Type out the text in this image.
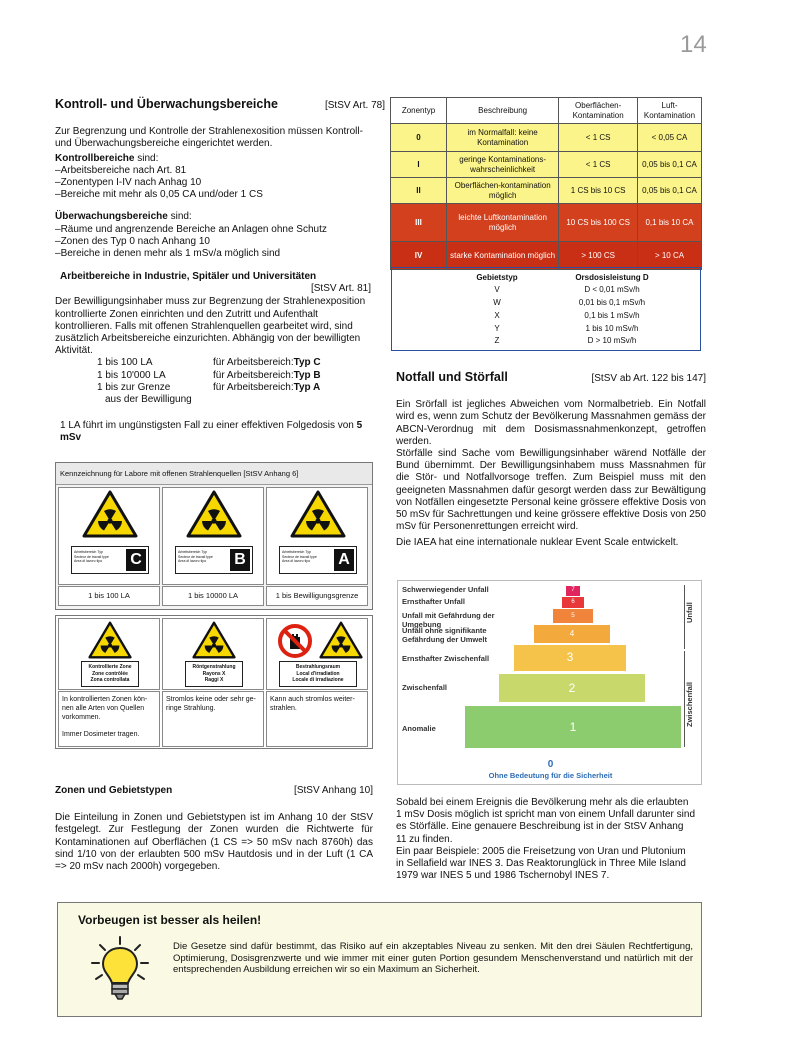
14
Kontroll- und Überwachungsbereiche	[StSV Art. 78]

Zur Begrenzung und Kontrolle der Strahlenexosition müssen Kontroll- und Überwachungsbereiche eingerichtet werden.

Kontrollbereiche sind:

–Arbeitsbereiche nach Art. 81
–Zonentypen I-IV nach Anhag 10
–Bereiche mit mehr als 0,05 CA und/oder 1 CS

Überwachungsbereiche sind:

–Räume und angrenzende Bereiche an Anlagen ohne Schutz
–Zonen des Typ 0 nach Anhang 10
–Bereiche in denen mehr als 1 mSv/a möglich sind
Arbeitbereiche in Industrie, Spitäler und Universitäten
[StSV Art. 81]

Der Bewilligungsinhaber muss zur Begrenzung der Strahlenexposition kontrollierte Zonen einrichten und den Zutritt und Aufenthalt kontrollieren. Falls mit offenen Strahlenquellen gearbeitet wird, sind zusätzlich Arbeitsbereiche einzurichten. Abhängig von der bewilligten Aktivität.

1 bis 100 LA	für Arbeitsbereich: Typ C
1 bis 10'000 LA	für Arbeitsbereich: Typ B
1 bis zur Grenze	für Arbeitsbereich: Typ A
aus der Bewilligung

1 LA führt im ungünstigsten Fall zu einer effektiven Folgedosis von 5 mSv

Kennzeichnung für Labore mit offenen Strahlenquellen [StSV Anhang 6]
Arbeitsbereich Typ
Secteur de travail type
Area di lavoro tipo	C
1 bis 100 LA
Arbeitsbereich Typ
Secteur de travail type
Area di lavoro tipo	B
1 bis 10000 LA
Arbeitsbereich Typ
Secteur de travail type
Area di lavoro tipo	A
1 bis Bewilligungsgrenze
Kontrollierte Zone
Zone contrôlée
Zona controllata
In kontrollierten Zonen kön-
nen alle Arten von Quellen
vorkommen.

Immer Dosimeter tragen.
Röntgenstrahlung
Rayons X
Raggi X
Stromlos keine oder sehr ge-
ringe Strahlung.
Bestrahlungsraum
Local d'irradiation
Locale di irradiazione
Kann auch stromlos weiter-
strahlen.
Zonen und Gebietstypen	[StSV Anhang 10]

Die Einteilung in Zonen und Gebietstypen ist im Anhang 10 der StSV festgelegt. Zur Festlegung der Zonen wurden die Richtwerte für Kontaminationen auf Oberflächen (1 CS => 50 mSv nach 8760h) das sind 1/10 von der erlaubten 500 mSv Hautdosis und in der Luft (1 CA => 20 mSv nach 2000h) vorgegeben.

Zonentyp	Beschreibung	Oberflächen-Kontamination	Luft-Kontamination
0	im Normalfall: keine Kontamination	< 1 CS	< 0,05 CA
I	geringe Kontaminations-wahrscheinlichkeit	< 1 CS	0,05 bis 0,1 CA
II	Oberflächen-kontamination möglich	1 CS bis 10 CS	0,05 bis 0,1 CA
III	leichte Luftkontamination möglich	10 CS bis 100 CS	0,1 bis 10 CA
IV	starke Kontamination möglich	> 100 CS	> 10 CA
Gebietstyp	Orsdosisleistung D
V	D < 0,01 mSv/h
W	0,01 bis 0,1 mSv/h
X	0,1 bis 1 mSv/h
Y	1 bis 10 mSv/h
Z	D > 10 mSv/h
Notfall und Störfall	[StSV ab Art. 122 bis 147]

Ein Srörfall ist jegliches Abweichen vom Normalbetrieb. Ein Notfall wird es, wenn zum Schutz der Bevölkerung Massnahmen gemäss der ABCN-Verordnug mit dem Dosismassnahmenkonzept, getroffen werden.

Störfälle sind Sache vom Bewilligungsinhaber wärend Notfälle der Bund übernimmt. Der Bewilligungsinhabem muss Massnahmen für die Stör- und Notfallvorsoge treffen. Zum Beispiel muss mit den geeigneten Massnahmen dafür gesorgt werden dass zur Bewältigung von Notfällen eingesetzte Personal keine grössere effektive Dosis von 50 mSv für Sachrettungen und keine grössere effektive Dosis von 250 mSv für Personenrettungen erreicht wird.

Die IAEA hat eine internationale nuklear Event Scale entwickelt.

7
Schwerwiegender Unfall
6
Ernsthafter Unfall
5
Unfall mit Gefährdung der Umgebung
4
Unfall ohne signifikante Gefährdung der Umwelt
3
Ernsthafter Zwischenfall
2
Zwischenfall
1
Anomalie
0
Ohne Bedeutung für die Sicherheit
Unfall
Zwischenfall

Sobald bei einem Ereignis die Bevölkerung mehr als die erlaubten 1 mSv Dosis möglich ist spricht man von einem Unfall darunter sind es Störfälle. Eine genauere Beschreibung ist in der StSV Anhang 11 zu finden.

Ein paar Beispiele: 2005 die Freisetzung von Uran und Plutonium in Sellafield war INES 3. Das Reaktorunglück in Three Mile Island 1979 war INES 5 und 1986 Tschernobyl INES 7.

Vorbeugen ist besser als heilen!

Die Gesetze sind dafür bestimmt, das Risiko auf ein akzeptables Niveau zu senken. Mit den drei Säulen Rechtfertigung, Optimierung, Dosisgrenzwerte und wie immer mit einer guten Portion gesundem Menschenverstand und natürlich mit der entsprechenden Ausbildung erreichen wir so ein Maximum an Sicherheit.
